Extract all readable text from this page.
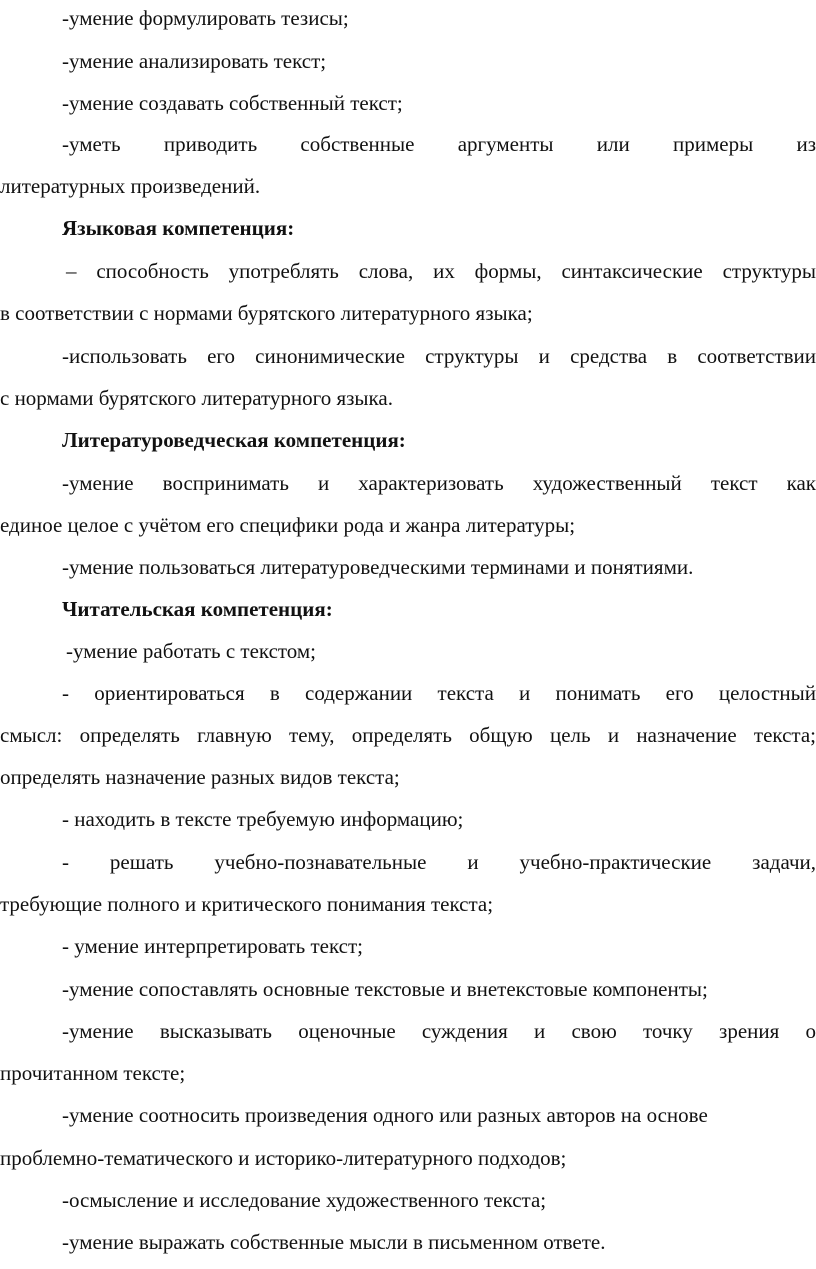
-умение формулировать тезисы;
-умение анализировать текст;
-умение создавать собственный текст;
-уметь приводить собственные аргументы или примеры из
литературных произведений.
Языковая компетенция:
– способность употреблять слова, их формы, синтаксические структуры
в соответствии с нормами бурятского литературного языка;
-использовать его синонимические структуры и средства в соответствии
с нормами бурятского литературного языка.
Литературоведческая компетенция:
-умение воспринимать и характеризовать художественный текст как
единое целое с учётом его специфики рода и жанра литературы;
-умение пользоваться литературоведческими терминами и понятиями.
Читательская компетенция:
-умение работать с текстом;
- ориентироваться в содержании текста и понимать его целостный
смысл: определять главную тему, определять общую цель и назначение текста;
определять назначение разных видов текста;
- находить в тексте требуемую информацию;
- решать учебно-познавательные и учебно-практические задачи,
требующие полного и критического понимания текста;
- умение интерпретировать текст;
-умение сопоставлять основные текстовые и внетекстовые компоненты;
-умение высказывать оценочные суждения и свою точку зрения о
прочитанном тексте;
-умение соотносить произведения одного или разных авторов на основе
проблемно-тематического и историко-литературного подходов;
-осмысление и исследование художественного текста;
-умение выражать собственные мысли в письменном ответе.
